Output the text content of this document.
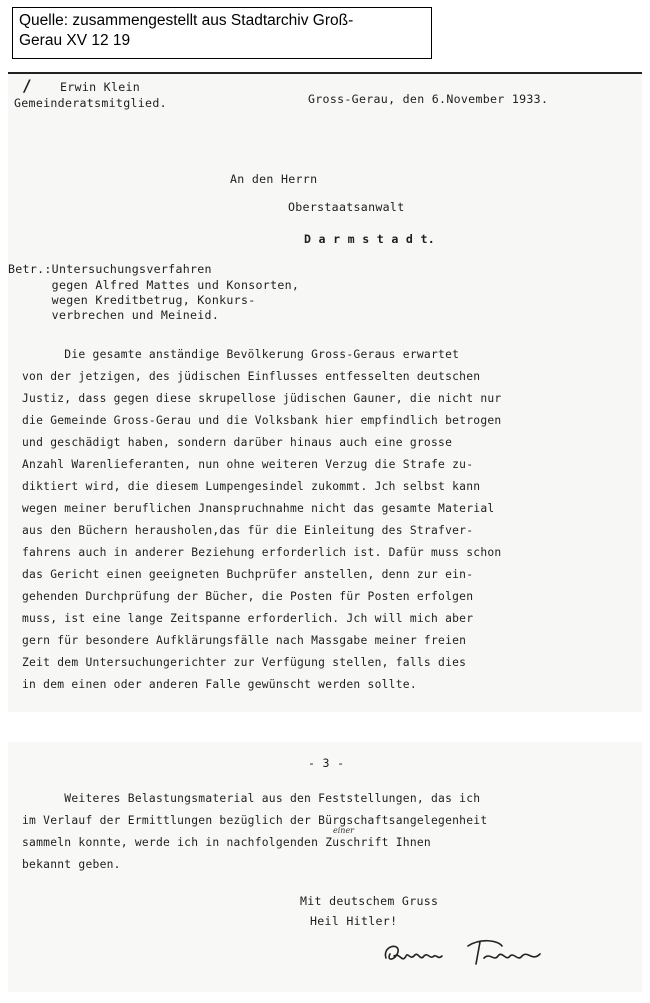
Quelle: zusammengestellt aus Stadtarchiv Groß-
Gerau XV 12 19
/ Erwin Klein
Gemeinderatsmitglied.	Gross-Gerau, den 6.November 1933.
An den Herrn
Oberstaatsanwalt
D a r m s t a d t.
Betr.:Untersuchungsverfahren
gegen Alfred Mattes und Konsorten,
wegen Kreditbetrug, Konkurs-
verbrechen und Meineid.
Die gesamte anständige Bevölkerung Gross-Geraus erwartet
von der jetzigen, des jüdischen Einflusses entfesselten deutschen
Justiz, dass gegen diese skrupellose jüdischen Gauner, die nicht nur
die Gemeinde Gross-Gerau und die Volksbank hier empfindlich betrogen
und geschädigt haben, sondern darüber hinaus auch eine grosse
Anzahl Warenlieferanten, nun ohne weiteren Verzug die Strafe zu-
diktiert wird, die diesem Lumpengesindel zukommt. Jch selbst kann
wegen meiner beruflichen Jnanspruchnahme nicht das gesamte Material
aus den Büchern herausholen,das für die Einleitung des Strafver-
fahrens auch in anderer Beziehung erforderlich ist. Dafür muss schon
das Gericht einen geeigneten Buchprüfer anstellen, denn zur ein-
gehenden Durchprüfung der Bücher, die Posten für Posten erfolgen
muss, ist eine lange Zeitspanne erforderlich. Jch will mich aber
gern für besondere Aufklärungsfälle nach Massgabe meiner freien
Zeit dem Untersuchungerichter zur Verfügung stellen, falls dies
in dem einen oder anderen Falle gewünscht werden sollte.
- 3 -
Weiteres Belastungsmaterial aus den Feststellungen, das ich
im Verlauf der Ermittlungen bezüglich der Bürgschaftsangelegenheit
sammeln konnte, werde ich in nachfolgenden Zuschrift Ihnen
bekannt geben.
einer
Mit deutschem Gruss
Heil Hitler!
